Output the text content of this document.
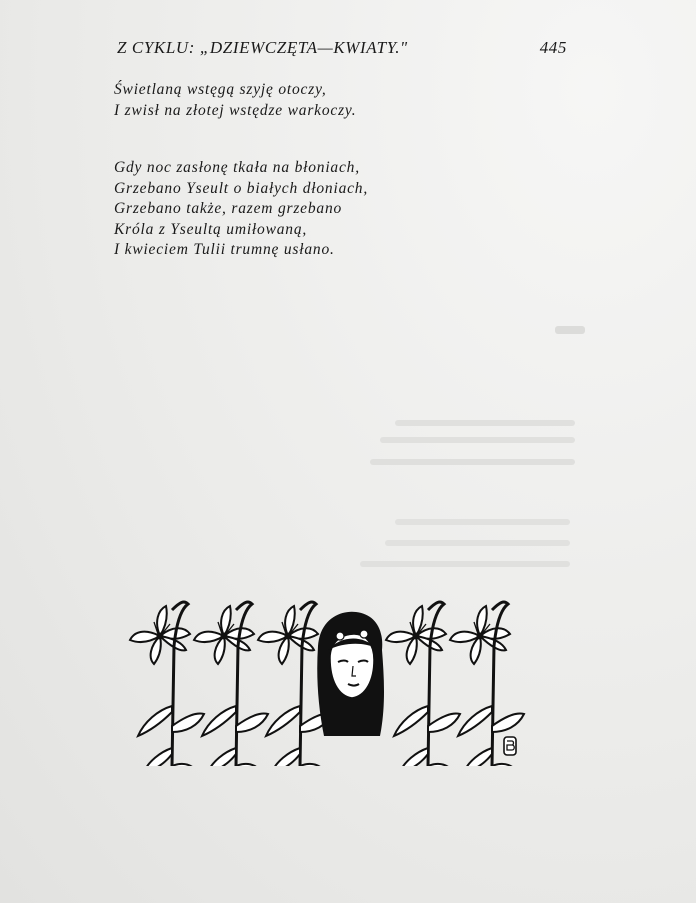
Z CYKLU: „DZIEWCZĘTA—KWIATY."	445
Świetlaną wstęgą szyję otoczy,
I zwisł na złotej wstędze warkoczy.
Gdy noc zasłonę tkała na błoniach,
Grzebano Yseult o białych dłoniach,
Grzebano także, razem grzebano
Króla z Yseultą umiłowaną,
I kwieciem Tulii trumnę usłano.
